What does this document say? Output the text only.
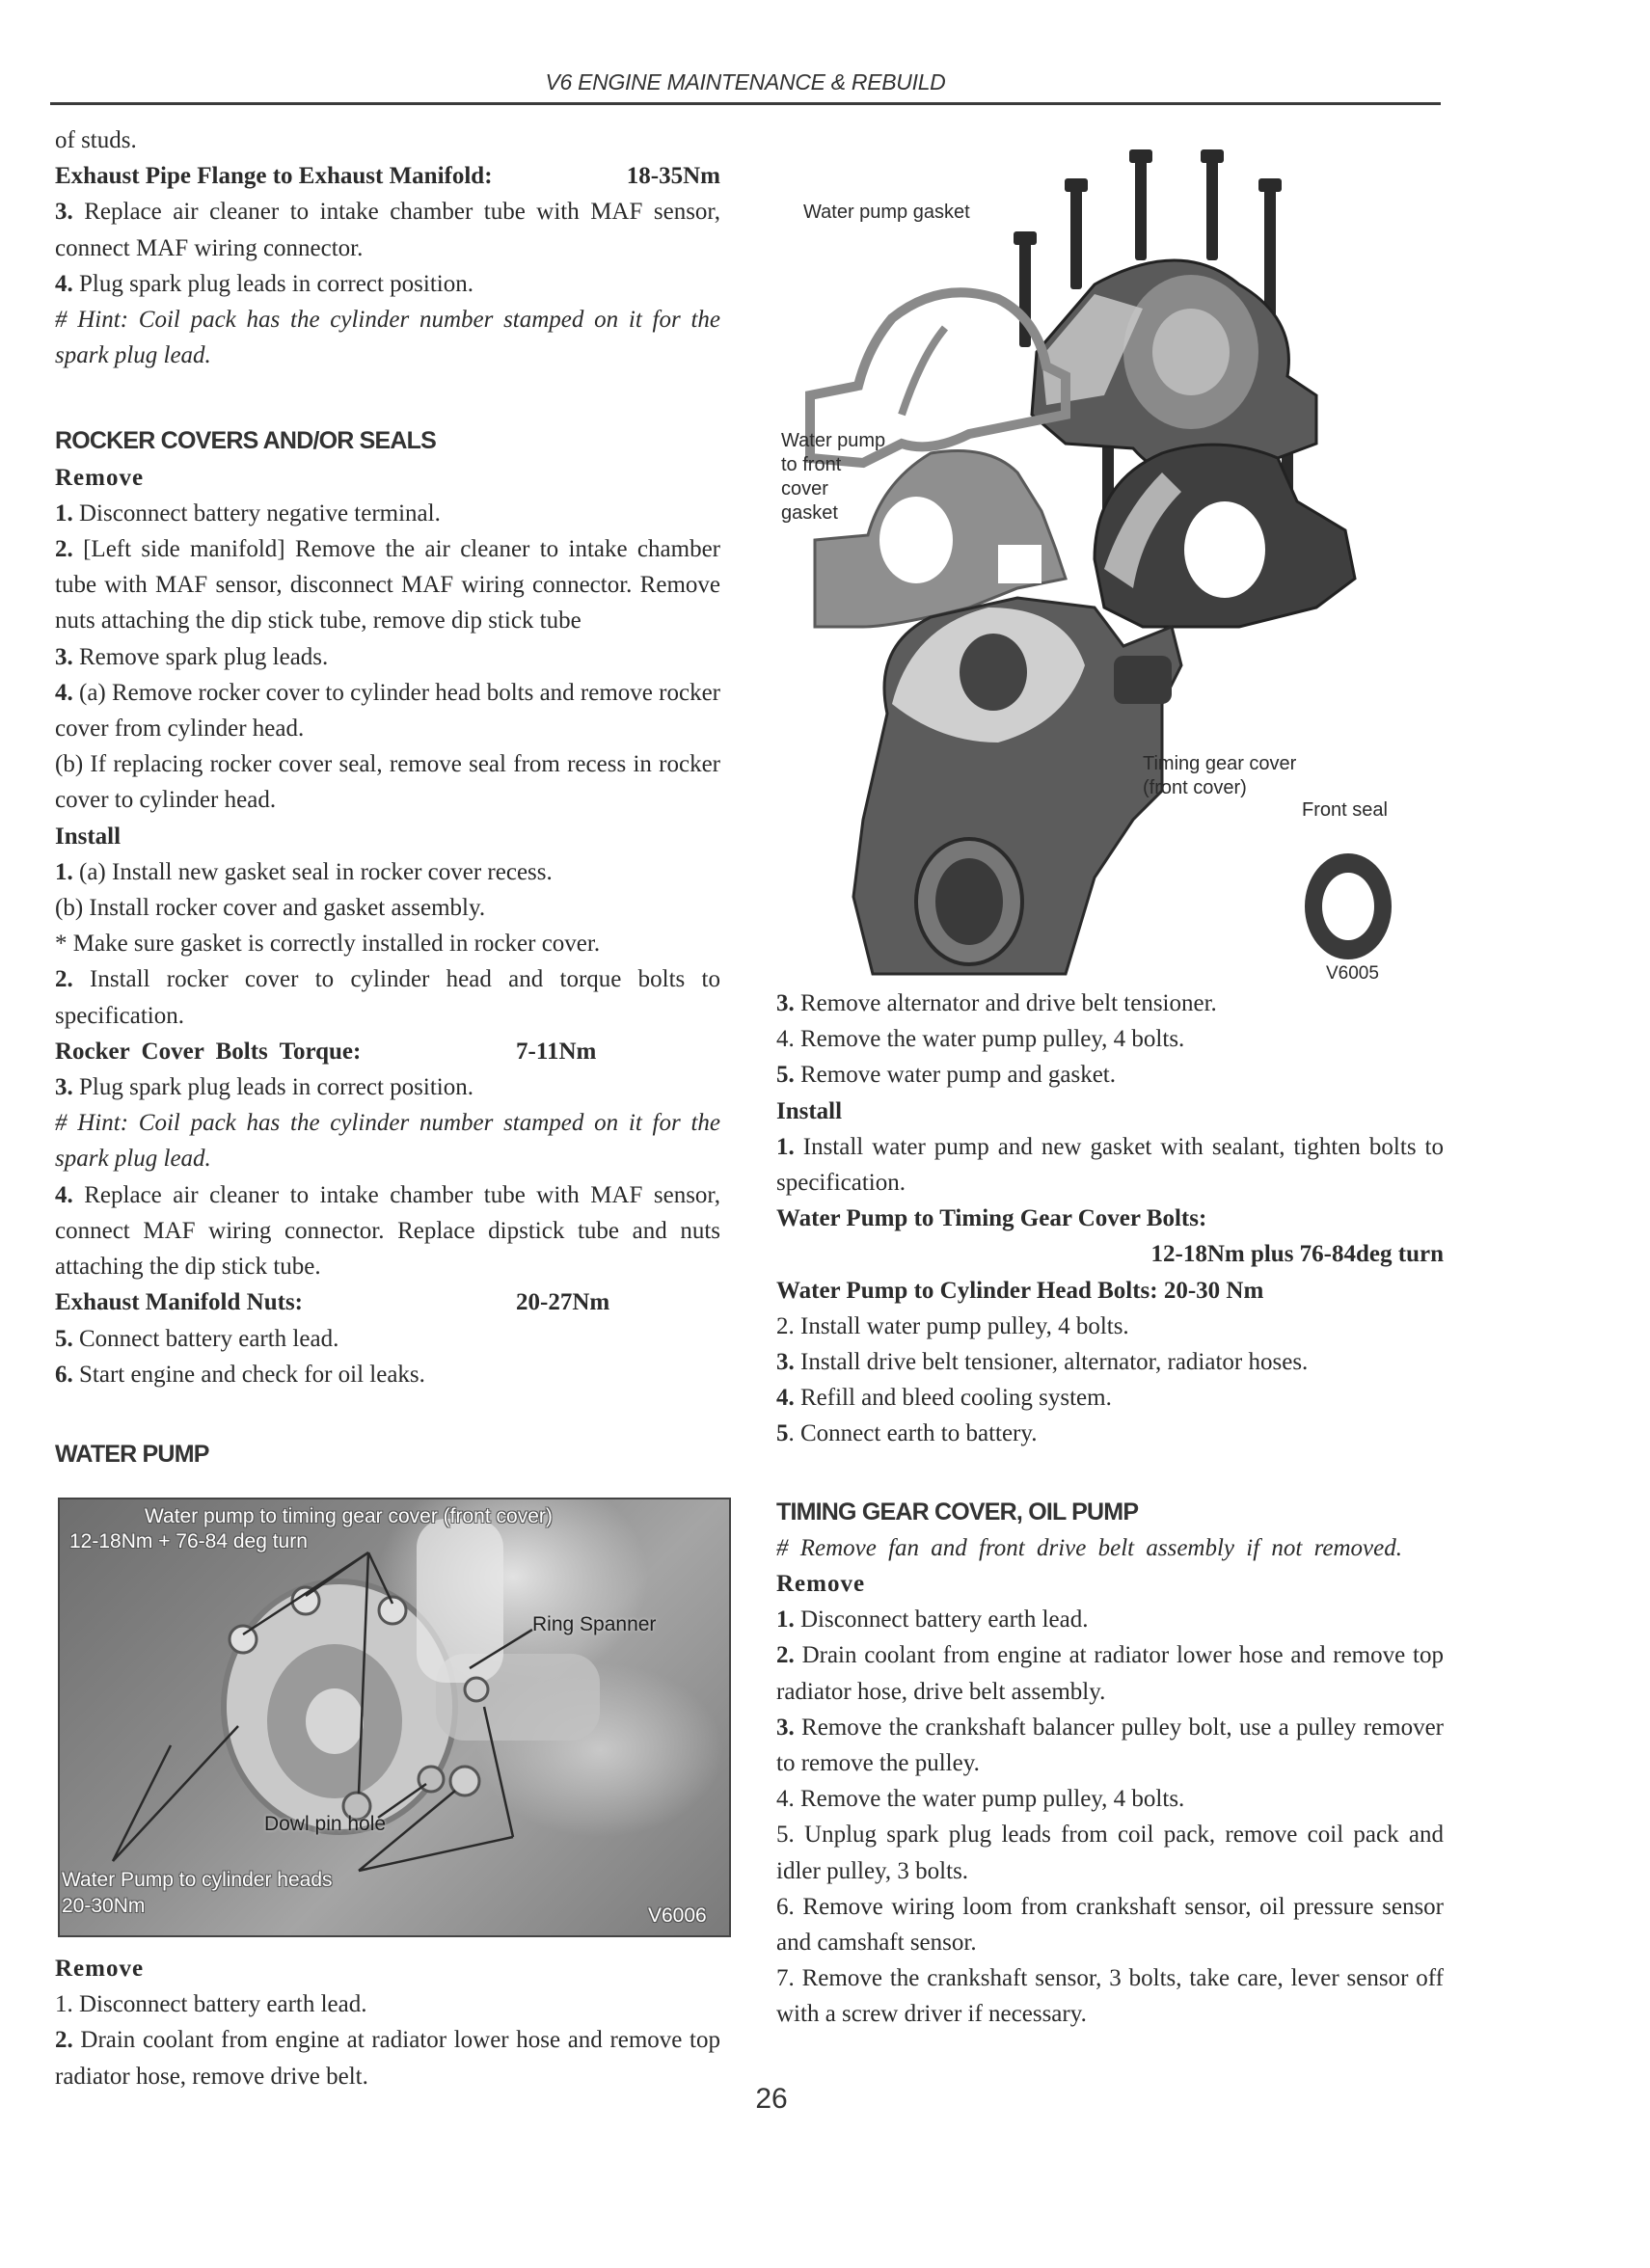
V6 ENGINE MAINTENANCE & REBUILD

of studs.

Exhaust Pipe Flange to Exhaust Manifold:	18-35Nm

3. Replace air cleaner to intake chamber tube with MAF sensor, connect MAF wiring connector.

4. Plug spark plug leads in correct position.

# Hint: Coil pack has the cylinder number stamped on it for the spark plug lead.

ROCKER COVERS AND/OR SEALS

Remove

1. Disconnect battery negative terminal.

2. [Left side manifold] Remove the air cleaner to intake chamber tube with MAF sensor, disconnect MAF wiring connector. Remove nuts attaching the dip stick tube, remove dip stick tube

3. Remove spark plug leads.

4. (a) Remove rocker cover to cylinder head bolts and remove rocker cover from cylinder head.

(b) If replacing rocker cover seal, remove seal from recess in rocker cover to cylinder head.

Install

1. (a) Install new gasket seal in rocker cover recess.

(b) Install rocker cover and gasket assembly.

* Make sure gasket is correctly installed in rocker cover.

2. Install rocker cover to cylinder head and torque bolts to specification.

Rocker Cover Bolts Torque:	7-11Nm

3. Plug spark plug leads in correct position.

# Hint: Coil pack has the cylinder number stamped on it for the spark plug lead.

4. Replace air cleaner to intake chamber tube with MAF sensor, connect MAF wiring connector. Replace dipstick tube and nuts attaching the dip stick tube.

Exhaust Manifold Nuts:	20-27Nm

5. Connect battery earth lead.

6. Start engine and check for oil leaks.

WATER PUMP
Water pump to timing gear cover (front cover)
12-18Nm + 76-84 deg turn
Ring Spanner
Dowl pin hole
Water Pump to cylinder heads
20-30Nm	V6006

Remove

1. Disconnect battery earth lead.

2. Drain coolant from engine at radiator lower hose and remove top radiator hose, remove drive belt.

Water pump gasket
Water pump
to front
cover
gasket
Timing gear cover
(front cover)
Front seal
V6005

3. Remove alternator and drive belt tensioner.

4. Remove the water pump pulley, 4 bolts.

5. Remove water pump and gasket.

Install

1. Install water pump and new gasket with sealant, tighten bolts to specification.

Water Pump to Timing Gear Cover Bolts:

12-18Nm plus 76-84deg turn

Water Pump to Cylinder Head Bolts: 20-30 Nm

2. Install water pump pulley, 4 bolts.

3. Install drive belt tensioner, alternator, radiator hoses.

4. Refill and bleed cooling system.

5. Connect earth to battery.

TIMING GEAR COVER, OIL PUMP

# Remove fan and front drive belt assembly if not removed.

Remove

1. Disconnect battery earth lead.

2. Drain coolant from engine at radiator lower hose and remove top radiator hose, drive belt assembly.

3. Remove the crankshaft balancer pulley bolt, use a pulley remover to remove the pulley.

4. Remove the water pump pulley, 4 bolts.

5. Unplug spark plug leads from coil pack, remove coil pack and idler pulley, 3 bolts.

6. Remove wiring loom from crankshaft sensor, oil pressure sensor and camshaft sensor.

7. Remove the crankshaft sensor, 3 bolts, take care, lever sensor off with a screw driver if necessary.

26
